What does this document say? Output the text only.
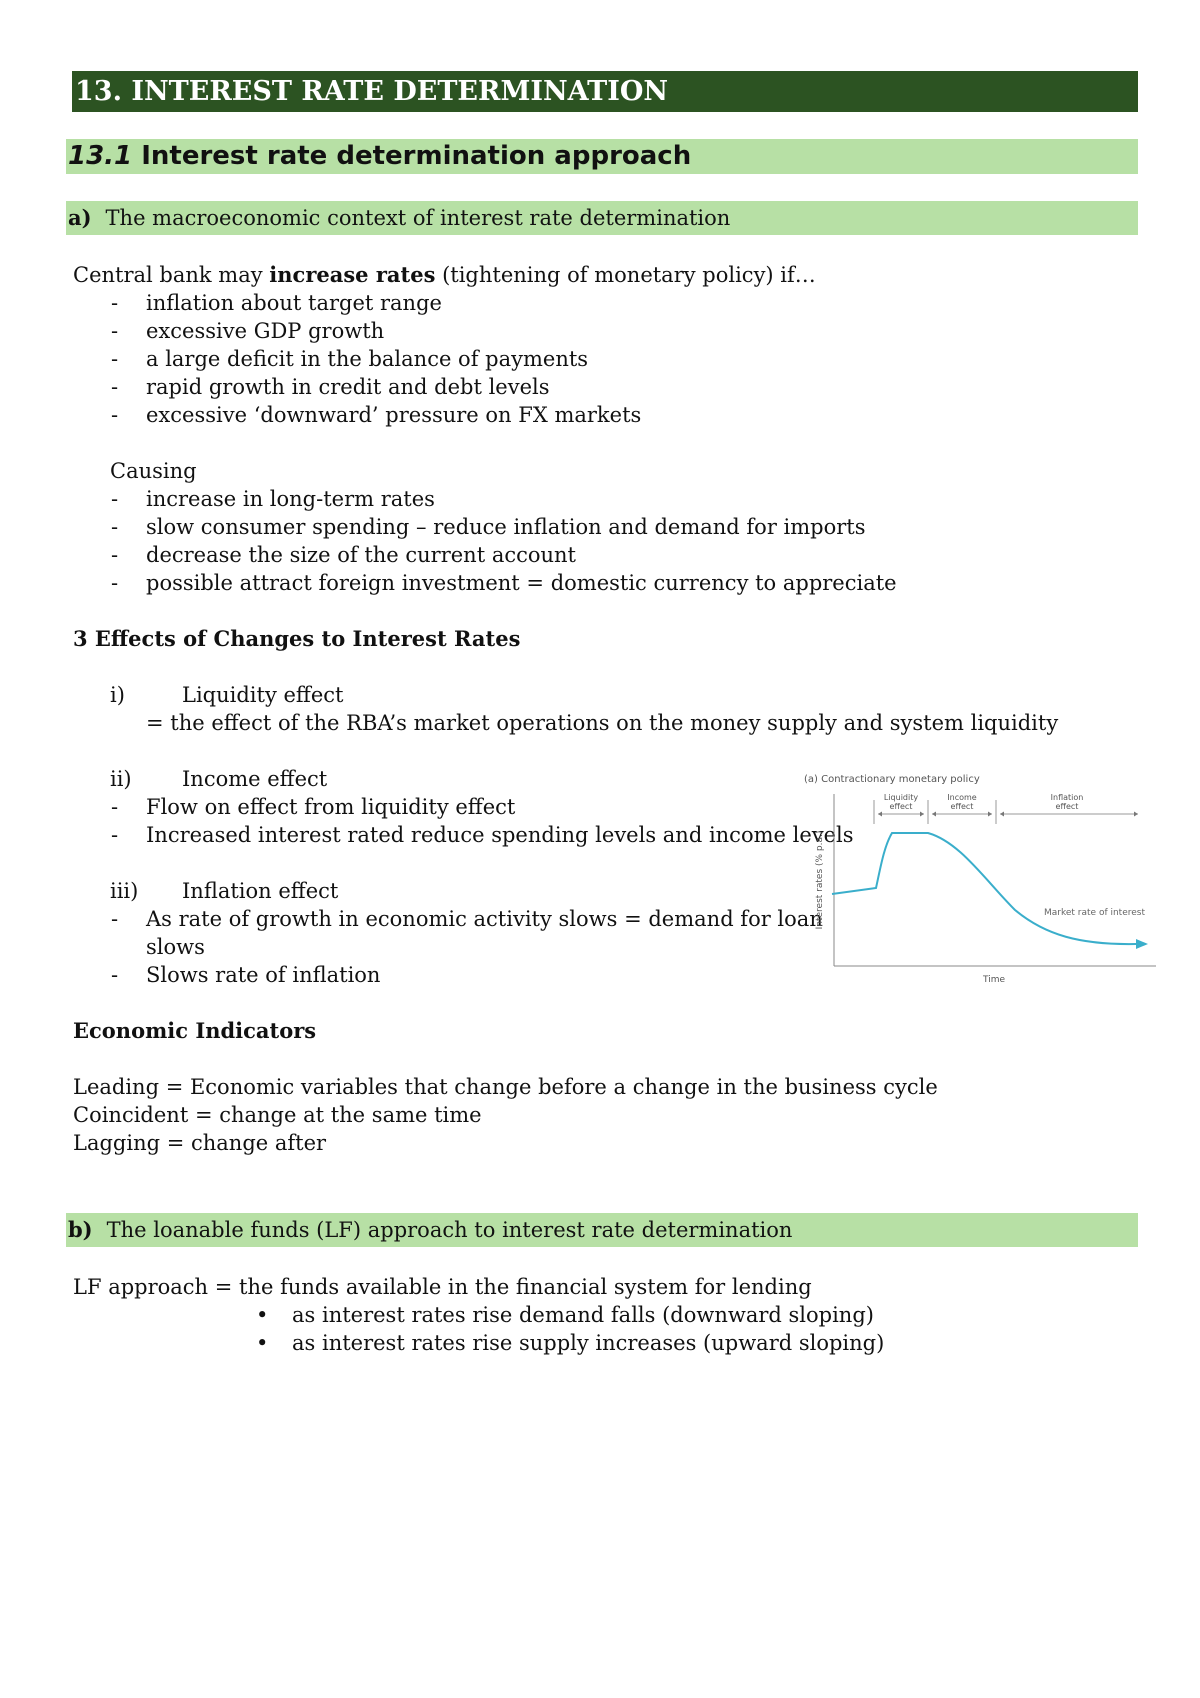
13. INTEREST RATE DETERMINATION
13.1 Interest rate determination approach
a) The macroeconomic context of interest rate determination
Central bank may increase rates (tightening of monetary policy) if…
- inflation about target range
- excessive GDP growth
- a large deficit in the balance of payments
- rapid growth in credit and debt levels
- excessive ‘downward’ pressure on FX markets
Causing
- increase in long-term rates
- slow consumer spending – reduce inflation and demand for imports
- decrease the size of the current account
- possible attract foreign investment = domestic currency to appreciate
3 Effects of Changes to Interest Rates
i)	Liquidity effect
= the effect of the RBA’s market operations on the money supply and system liquidity
ii) Income effect
- Flow on effect from liquidity effect
- Increased interest rated reduce spending levels and income levels
iii) Inflation effect
- As rate of growth in economic activity slows = demand for loan
slows
- Slows rate of inflation
(a) Contractionary monetary policy
Interest rates (% p.a.)
Time
Liquidity
effect
Income
effect
Inflation
effect
Market rate of interest
Economic Indicators
Leading = Economic variables that change before a change in the business cycle
Coincident = change at the same time
Lagging = change after
b) The loanable funds (LF) approach to interest rate determination
LF approach = the funds available in the financial system for lending
• as interest rates rise demand falls (downward sloping)
• as interest rates rise supply increases (upward sloping)
